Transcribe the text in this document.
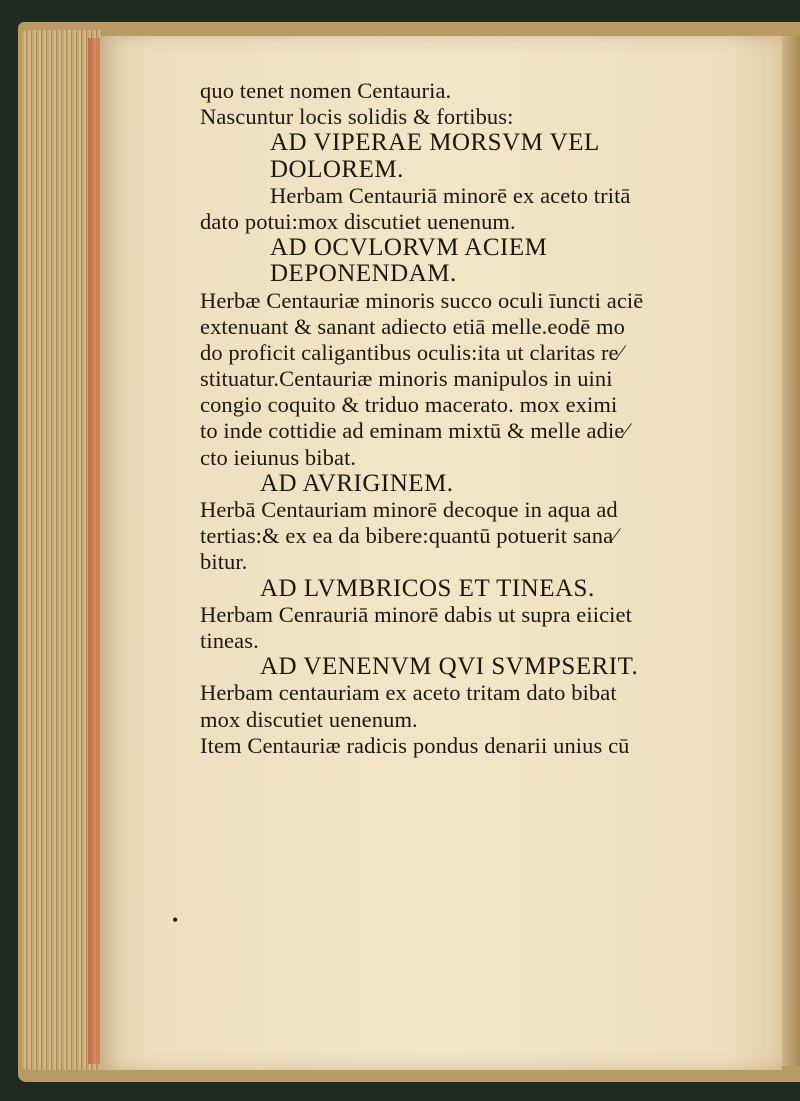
quo tenet nomen Centauria.
Nascuntur locis solidis & fortibus:
AD VIPERAE MORSVM VEL
DOLOREM.
Herbam Centauriā minorē ex aceto tritā
dato potui:mox discutiet uenenum.
AD OCVLORVM ACIEM
DEPONENDAM.
Herbæ Centauriæ minoris succo oculi īuncti aciē
extenuant & sanant adiecto etiā melle.eodē mo
do proficit caligantibus oculis:ita ut claritas re⁄
stituatur.Centauriæ minoris manipulos in uini
congio coquito & triduo macerato. mox eximi
to inde cottidie ad eminam mixtū & melle adie⁄
cto ieiunus bibat.
AD AVRIGINEM.
Herbā Centauriam minorē decoque in aqua ad
tertias:& ex ea da bibere:quantū potuerit sana⁄
bitur.
AD LVMBRICOS ET TINEAS.
Herbam Cenrauriā minorē dabis ut supra eiiciet
tineas.
AD VENENVM QVI SVMPSERIT.
Herbam centauriam ex aceto tritam dato bibat
mox discutiet uenenum.
Item Centauriæ radicis pondus denarii unius cū
•
